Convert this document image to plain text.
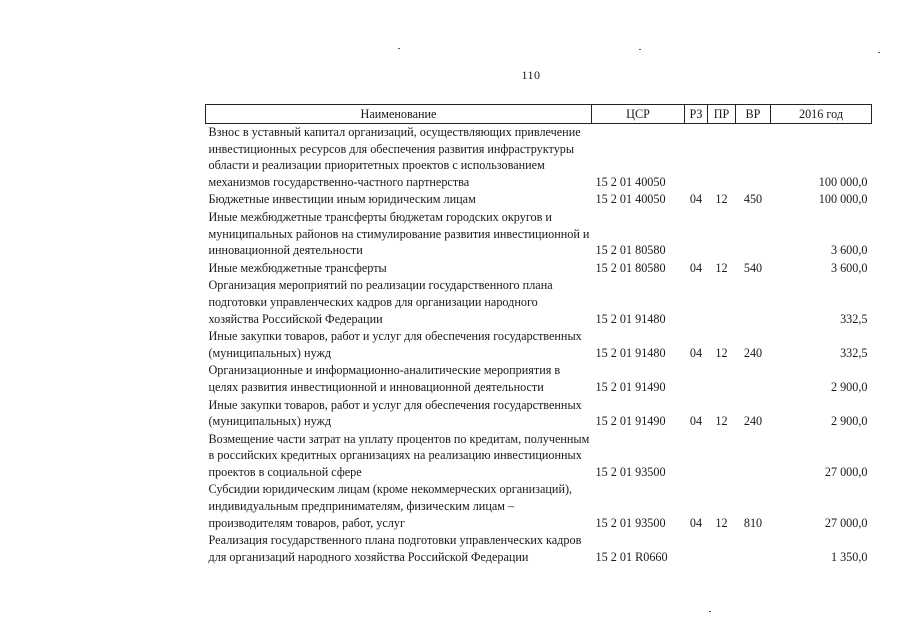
110
Наименование	ЦСР	РЗ	ПР	ВР	2016 год
Взнос в уставный капитал организаций, осуществляющих привлечение инвестиционных ресурсов для обеспечения развития инфраструктуры области и реализации приоритетных проектов с использованием механизмов государственно-частного партнерства	15 2 01 40050				100 000,0
Бюджетные инвестиции иным юридическим лицам	15 2 01 40050	04	12	450	100 000,0
Иные межбюджетные трансферты бюджетам городских округов и муниципальных районов на стимулирование развития инвестиционной и инновационной деятельности	15 2 01 80580				3 600,0
Иные межбюджетные трансферты	15 2 01 80580	04	12	540	3 600,0
Организация мероприятий по реализации государственного плана подготовки управленческих кадров для организации народного хозяйства Российской Федерации	15 2 01 91480				332,5
Иные закупки товаров, работ и услуг для обеспечения государственных (муниципальных) нужд	15 2 01 91480	04	12	240	332,5
Организационные и информационно-аналитические мероприятия в целях развития инвестиционной и инновационной деятельности	15 2 01 91490				2 900,0
Иные закупки товаров, работ и услуг для обеспечения государственных (муниципальных) нужд	15 2 01 91490	04	12	240	2 900,0
Возмещение части затрат на уплату процентов по кредитам, полученным в российских кредитных организациях на реализацию инвестиционных проектов в социальной сфере	15 2 01 93500				27 000,0
Субсидии юридическим лицам (кроме некоммерческих организаций), индивидуальным предпринимателям, физическим лицам – производителям товаров, работ, услуг	15 2 01 93500	04	12	810	27 000,0
Реализация государственного плана подготовки управленческих кадров для организаций народного хозяйства Российской Федерации	15 2 01 R0660				1 350,0
